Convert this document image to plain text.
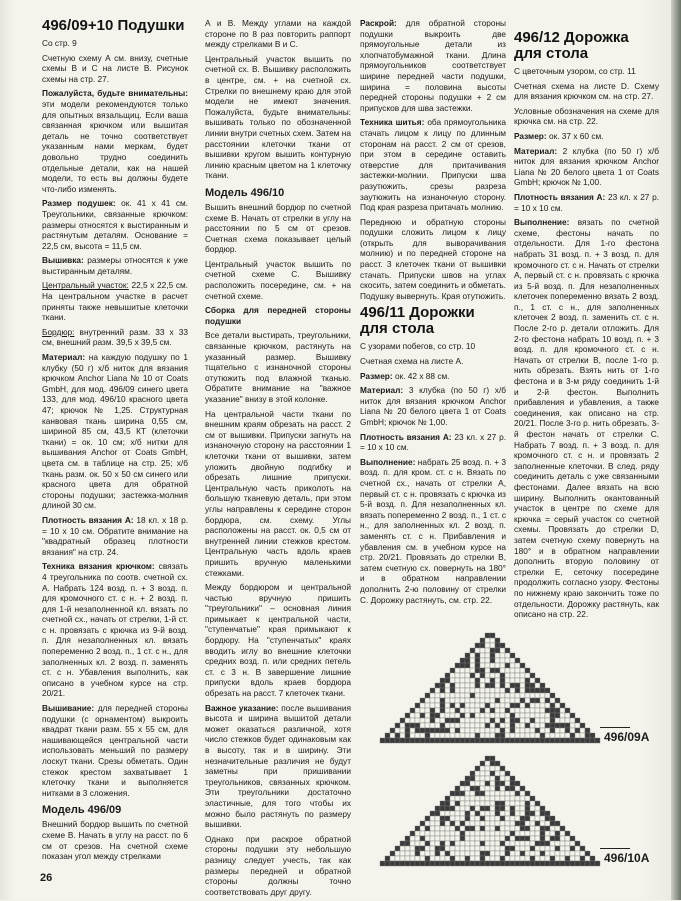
496/09+10 Подушки

Со стр. 9

Счетную схему А см. внизу, счетные схемы В и С на листе В. Рисунок схемы на стр. 27.

Пожалуйста, будьте внимательны: эти модели рекомендуются только для опытных вязальщиц. Если ваша связанная крючком или вышитая деталь не точно соответствует указанным нами меркам, будет довольно трудно соединить отдельные детали, как на нашей модели, то есть вы должны будете что-либо изменять.

Размер подушек: ок. 41 x 41 см. Треугольники, связанные крючком: размеры относятся к выстиранным и растянутым деталям. Основание = 22,5 см, высота = 11,5 см.

Вышивка: размеры относятся к уже выстиранным деталям.

Центральный участок: 22,5 x 22,5 см. На центральном участке в расчет приняты также невышитые клеточки ткани.

Бордюр: внутренний разм. 33 x 33 см, внешний разм. 39,5 x 39,5 см.

Материал: на каждую подушку по 1 клубку (50 г) х/б ниток для вязания крючком Anchor Liana № 10 от Coats GmbH, для мод. 496/09 синего цвета 133, для мод. 496/10 красного цвета 47; крючок № 1,25. Структурная канвовая ткань ширина 0,55 см, шириной 85 см, 43,5 КТ (клеточки ткани) = ок. 10 см; х/б нитки для вышивания Anchor от Coats GmbH, цвета см. в таблице на стр. 25; х/б ткань разм. ок. 50 x 50 см синего или красного цвета для обратной стороны подушки; застежка-молния длиной 30 см.

Плотность вязания А: 18 кл. x 18 р. = 10 x 10 см. Обратите внимание на "квадратный образец плотности вязания" на стр. 24.

Техника вязания крючком: связать 4 треугольника по соотв. счетной сх. А. Набрать 124 возд. п. + 3 возд. п. для кромочного ст. с н. + 2 возд. п. для 1-й незаполненной кл. вязать по счетной сх., начать от стрелки, 1-й ст. с н. провязать с крючка из 9-й возд. п. Для незаполненных кл. вязать попеременно 2 возд. п., 1 ст. с н., для заполненных кл. 2 возд. п. заменять ст. с н. Убавления выполнить, как описано в учебном курсе на стр. 20/21.

Вышивание: для передней стороны подушки (с орнаментом) выкроить квадрат ткани разм. 55 x 55 см, для нашивающейся центральной части использовать меньший по размеру лоскут ткани. Срезы обметать. Один стежок крестом захватывает 1 клеточку ткани и выполняется нитками в 3 сложения.

Модель 496/09

Внешний бордюр вышить по счетной схеме В. Начать в углу на расст. по 6 см от срезов. На счетной схеме показан угол между стрелками

А и В. Между углами на каждой стороне по 8 раз повторить раппорт между стрелками В и С.

Центральный участок вышить по счетной сх. В. Вышивку расположить в центре, см. + на счетной сх. Стрелки по внешнему краю для этой модели не имеют значения. Пожалуйста, будьте внимательны: вышивать только по обозначенной линии внутри счетных схем. Затем на расстоянии клеточки ткани от вышивки кругом вышить контурную линию красным цветом на 1 клеточку ткани.

Модель 496/10

Вышить внешний бордюр по счетной схеме В. Начать от стрелки в углу на расстоянии по 5 см от срезов. Счетная схема показывает целый бордюр.

Центральный участок вышить по счетной схеме С. Вышивку расположить посередине, см. + на счетной схеме.

Сборка для передней стороны подушки

Все детали выстирать, треугольники, связанные крючком, растянуть на указанный размер. Вышивку тщательно с изнаночной стороны отутюжить под влажной тканью. Обратите внимание на "важное указание" внизу в этой колонке.

На центральной части ткани по внешним краям обрезать на расст. 2 см от вышивки. Припуски загнуть на изнаночную сторону на расстоянии 1 клеточки ткани от вышивки, затем уложить двойную подгибку и обрезать лишние припуски. Центральную часть приколоть на большую тканевую деталь, при этом углы направлены к середине сторон бордюра, см. схему. Углы расположены на расст. ок. 0,5 см от внутренней линии стежков крестом. Центральную часть вдоль краев пришить вручную маленькими стежками.

Между бордюром и центральной частью вручную пришить "треугольники" – основная линия примыкает к центральной части, "ступенчатые" края примыкают к бордюру. На "ступенчатых" краях вводить иглу во внешние клеточки средних возд. п. или средних петель ст. с 3 н. В завершение лишние припуски вдоль краев бордюра обрезать на расст. 7 клеточек ткани.

Важное указание: после вышивания высота и ширина вышитой детали может оказаться различной, хотя число стежков будет одинаковым как в высоту, так и в ширину. Эти незначительные различия не будут заметны при пришивании треугольников, связанных крючком. Эти треугольники достаточно эластичные, для того чтобы их можно было растянуть по размеру вышивки.

Однако при раскрое обратной стороны подушки эту небольшую разницу следует учесть, так как размеры передней и обратной стороны должны точно соответствовать друг другу.

Раскрой: для обратной стороны подушки выкроить две прямоугольные детали из хлопчатобумажной ткани. Длина прямоугольников соответствует ширине передней части подушки, ширина = половина высоты передней стороны подушки + 2 см припусков для шва застежки.

Техника шитья: оба прямоугольника стачать лицом к лицу по длинным сторонам на расст. 2 см от срезов, при этом в середине оставить отверстие для притачивания застежки-молнии. Припуски шва разутюжить, срезы разреза заутюжить на изнаночную сторону. Под края разреза притачать молнию.

Переднюю и обратную стороны подушки сложить лицом к лицу (открыть для выворачивания молнию) и по передней стороне на расст. 3 клеточек ткани от вышивки стачать. Припуски швов на углах скосить, затем соединить и обметать. Подушку вывернуть. Края отутюжить.

496/11 Дорожки для стола

С узорами побегов, со стр. 10

Счетная схема на листе А.

Размер: ок. 42 x 88 см.

Материал: 3 клубка (по 50 г) х/б ниток для вязания крючком Anchor Liana № 20 белого цвета 1 от Coats GmbH; крючок № 1,00.

Плотность вязания А: 23 кл. x 27 р. = 10 x 10 см.

Выполнение: набрать 25 возд. п. + 3 возд. п. для кром. ст. с н. Вязать по счетной сх., начать от стрелки А, первый ст. с н. провязать с крючка из 5-й возд. п. Для незаполненных кл. вязать попеременно 2 возд. п., 1 ст. с н., для заполненных кл. 2 возд. п. заменять ст. с н. Прибавления и убавления см. в учебном курсе на стр. 20/21. Провязать до стрелки В, затем счетную сх. повернуть на 180° и в обратном направлении дополнить 2-ю половину от стрелки С. Дорожку растянуть, см. стр. 22.

496/12 Дорожка для стола

С цветочным узором, со стр. 11

Счетная схема на листе D. Схему для вязания крючком см. на стр. 27.

Условные обозначения на схеме для крючка см. на стр. 22.

Размер: ок. 37 x 60 см.

Материал: 2 клубка (по 50 г) х/б ниток для вязания крючком Anchor Liana № 20 белого цвета 1 от Coats GmbH; крючок № 1,00.

Плотность вязания А: 23 кл. x 27 р. = 10 x 10 см.

Выполнение: вязать по счетной схеме, фестоны начать по отдельности. Для 1-го фестона набрать 31 возд. п. + 3 возд. п. для кромочного ст. с н. Начать от стрелки А, первый ст. с н. провязать с крючка из 5-й возд. п. Для незаполненных клеточек попеременно вязать 2 возд. п., 1 ст. с н., для заполненных клеточек 2 возд. п. заменить ст. с н. После 2-го р. детали отложить. Для 2-го фестона набрать 10 возд. п. + 3 возд. п. для кромочного ст. с н. Начать от стрелки В, после 1-го р. нить обрезать. Взять нить от 1-го фестона и в 3-м ряду соединить 1-й и 2-й фестон. Выполнить прибавления и убавления, а также соединения, как описано на стр. 20/21. После 3-го р. нить обрезать. 3-й фестон начать от стрелки С. Набрать 7 возд. п. + 3 возд. п. для кромочного ст. с н. и провязать 2 заполненные клеточки. В след. ряду соединить деталь с уже связанными фестонами. Далее вязать на всю ширину. Выполнить окантованный участок в центре по схеме для крючка = серый участок со счетной схемы. Провязать до стрелки D, затем счетную схему повернуть на 180° и в обратном направлении дополнить вторую половину от стрелки Е, сеточку посередине продолжить согласно узору. Фестоны по нижнему краю закончить тоже по отдельности. Дорожку растянуть, как описано на стр. 22.

496/09A
496/10A
26
